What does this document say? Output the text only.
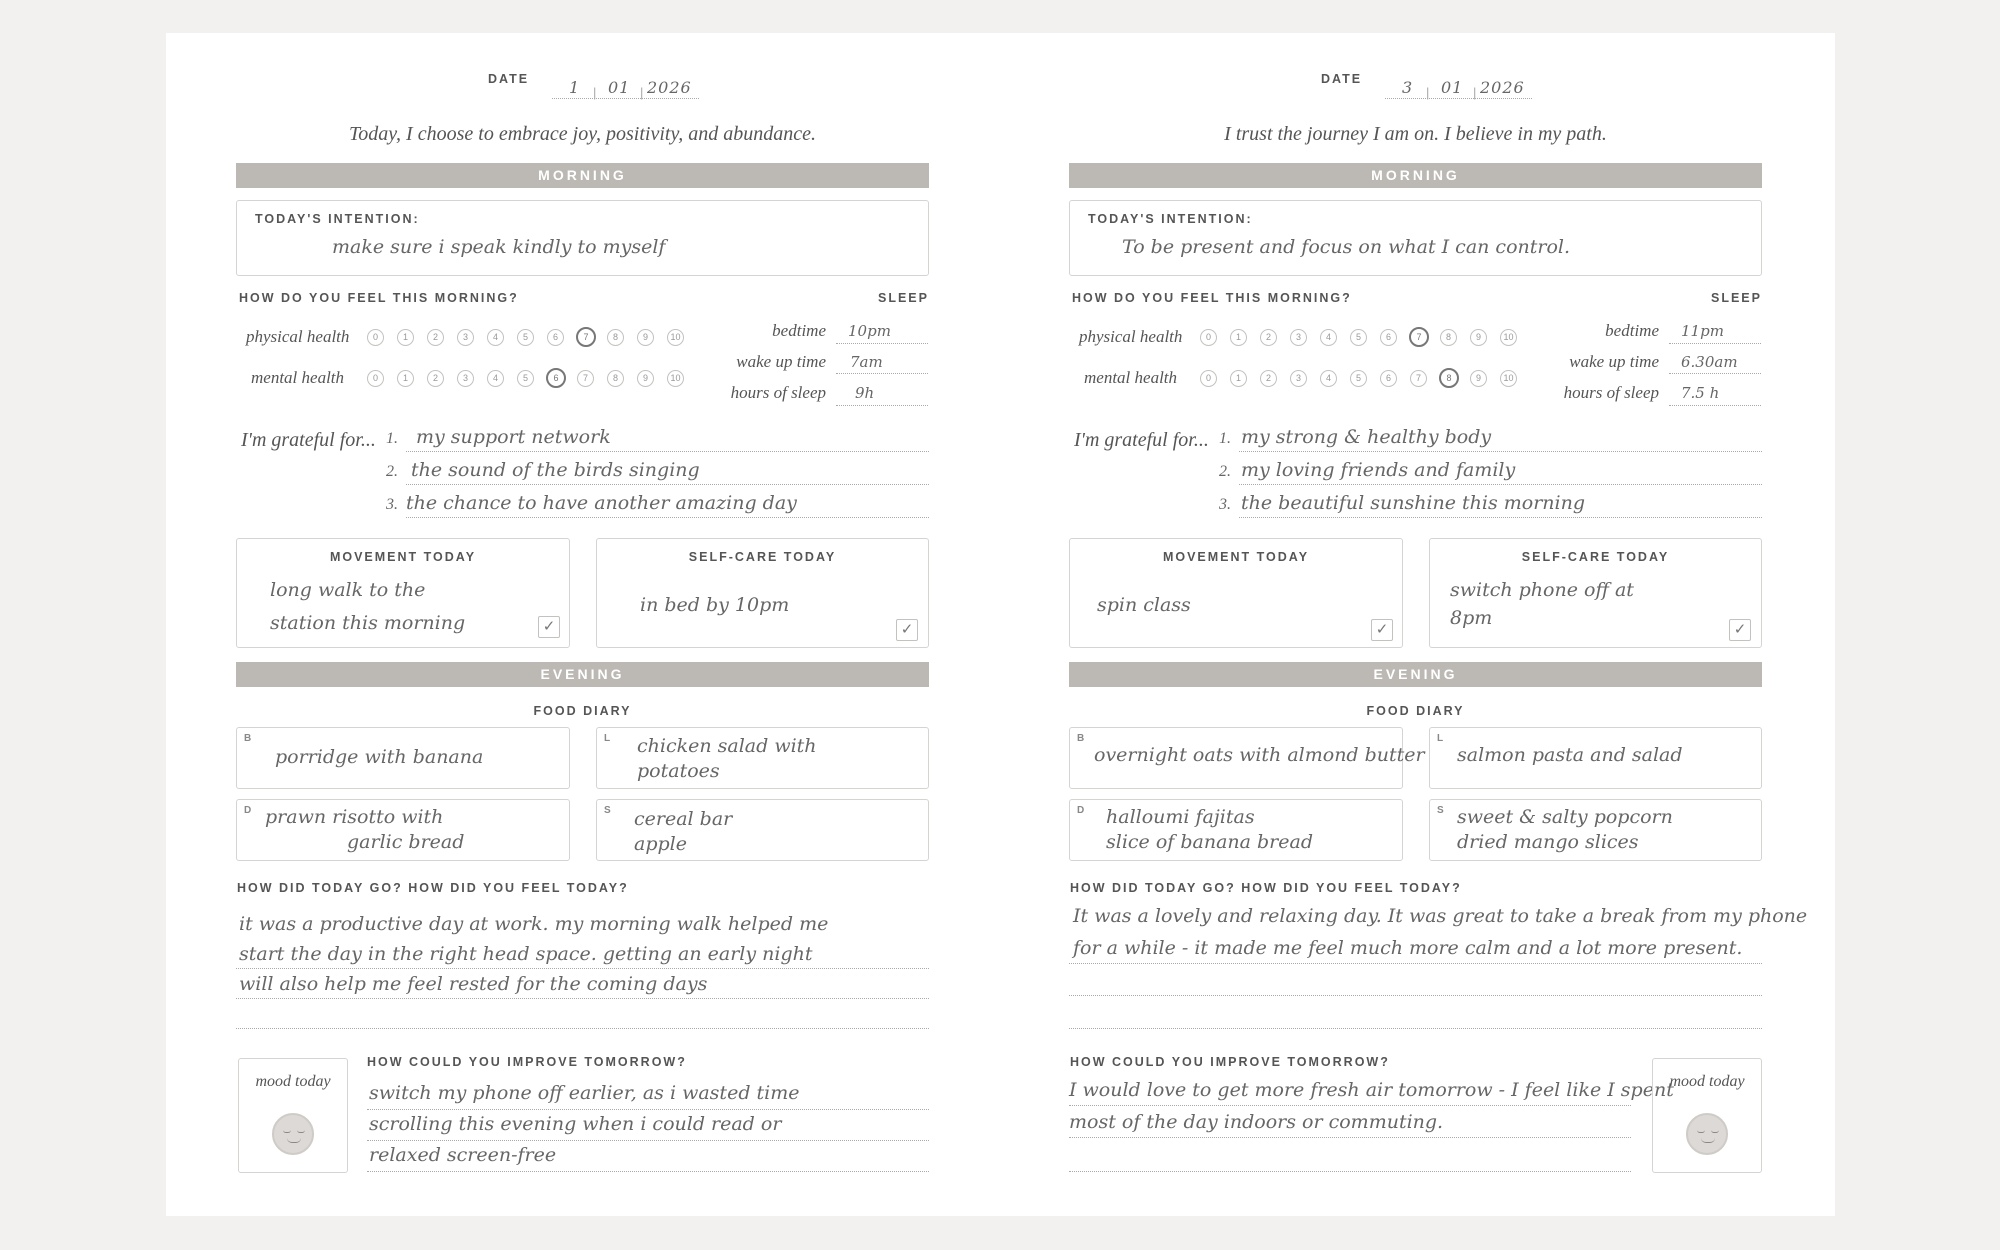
DATE 1 | 01 | 2026
Today, I choose to embrace joy, positivity, and abundance.
MORNING
TODAY'S INTENTION:
make sure i speak kindly to myself
HOW DO YOU FEEL THIS MORNING?	SLEEP
physical health	0	1	2	3	4	5	6	7	8	9	10
mental health	0	1	2	3	4	5	6	7	8	9	10
bedtime 10pm
wake up time 7am
hours of sleep 9h
I'm grateful for... 1. my support network
2. the sound of the birds singing
3. the chance to have another amazing day
MOVEMENT TODAY
long walk to the
station this morning	✓
SELF-CARE TODAY
in bed by 10pm
✓
EVENING
FOOD DIARY
B
porridge with banana
L chicken salad with
potatoes
D prawn risotto with
garlic bread
S cereal bar
apple
HOW DID TODAY GO? HOW DID YOU FEEL TODAY?
it was a productive day at work. my morning walk helped me
start the day in the right head space. getting an early night
will also help me feel rested for the coming days
mood today
HOW COULD YOU IMPROVE TOMORROW?
switch my phone off earlier, as i wasted time
scrolling this evening when i could read or
relaxed screen-free
DATE 3 | 01 | 2026
I trust the journey I am on. I believe in my path.
MORNING
TODAY'S INTENTION:
To be present and focus on what I can control.
HOW DO YOU FEEL THIS MORNING?	SLEEP
physical health	0	1	2	3	4	5	6	7	8	9	10
mental health	0	1	2	3	4	5	6	7	8	9	10
bedtime 11pm
wake up time 6.30am
hours of sleep 7.5 h
I'm grateful for... 1. my strong & healthy body
2. my loving friends and family
3. the beautiful sunshine this morning
MOVEMENT TODAY
spin class
✓
SELF-CARE TODAY
switch phone off at
8pm
✓
EVENING
FOOD DIARY
B
overnight oats with almond butter
L
salmon pasta and salad
D halloumi fajitas
slice of banana bread
S sweet & salty popcorn
dried mango slices
HOW DID TODAY GO? HOW DID YOU FEEL TODAY?
It was a lovely and relaxing day. It was great to take a break from my phone
for a while - it made me feel much more calm and a lot more present.
HOW COULD YOU IMPROVE TOMORROW?
I would love to get more fresh air tomorrow - I feel like I spent
most of the day indoors or commuting.
mood today
